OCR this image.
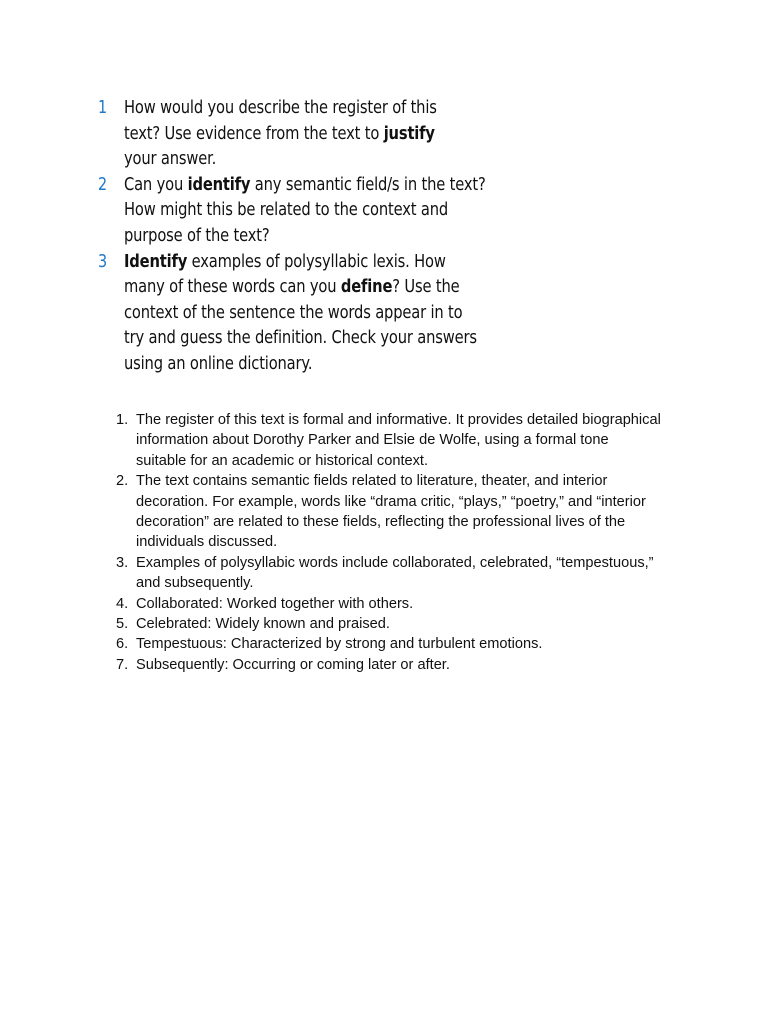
1 How would you describe the register of this
text? Use evidence from the text to justify
your answer.
2 Can you identify any semantic field/s in the text?
How might this be related to the context and
purpose of the text?
3 Identify examples of polysyllabic lexis. How
many of these words can you define? Use the
context of the sentence the words appear in to
try and guess the definition. Check your answers
using an online dictionary.
1. The register of this text is formal and informative. It provides detailed biographical
information about Dorothy Parker and Elsie de Wolfe, using a formal tone
suitable for an academic or historical context.
2. The text contains semantic fields related to literature, theater, and interior
decoration. For example, words like “drama critic, “plays,” “poetry,” and “interior
decoration” are related to these fields, reflecting the professional lives of the
individuals discussed.
3. Examples of polysyllabic words include collaborated, celebrated, “tempestuous,”
and subsequently.
4. Collaborated: Worked together with others.
5. Celebrated: Widely known and praised.
6. Tempestuous: Characterized by strong and turbulent emotions.
7. Subsequently: Occurring or coming later or after.
